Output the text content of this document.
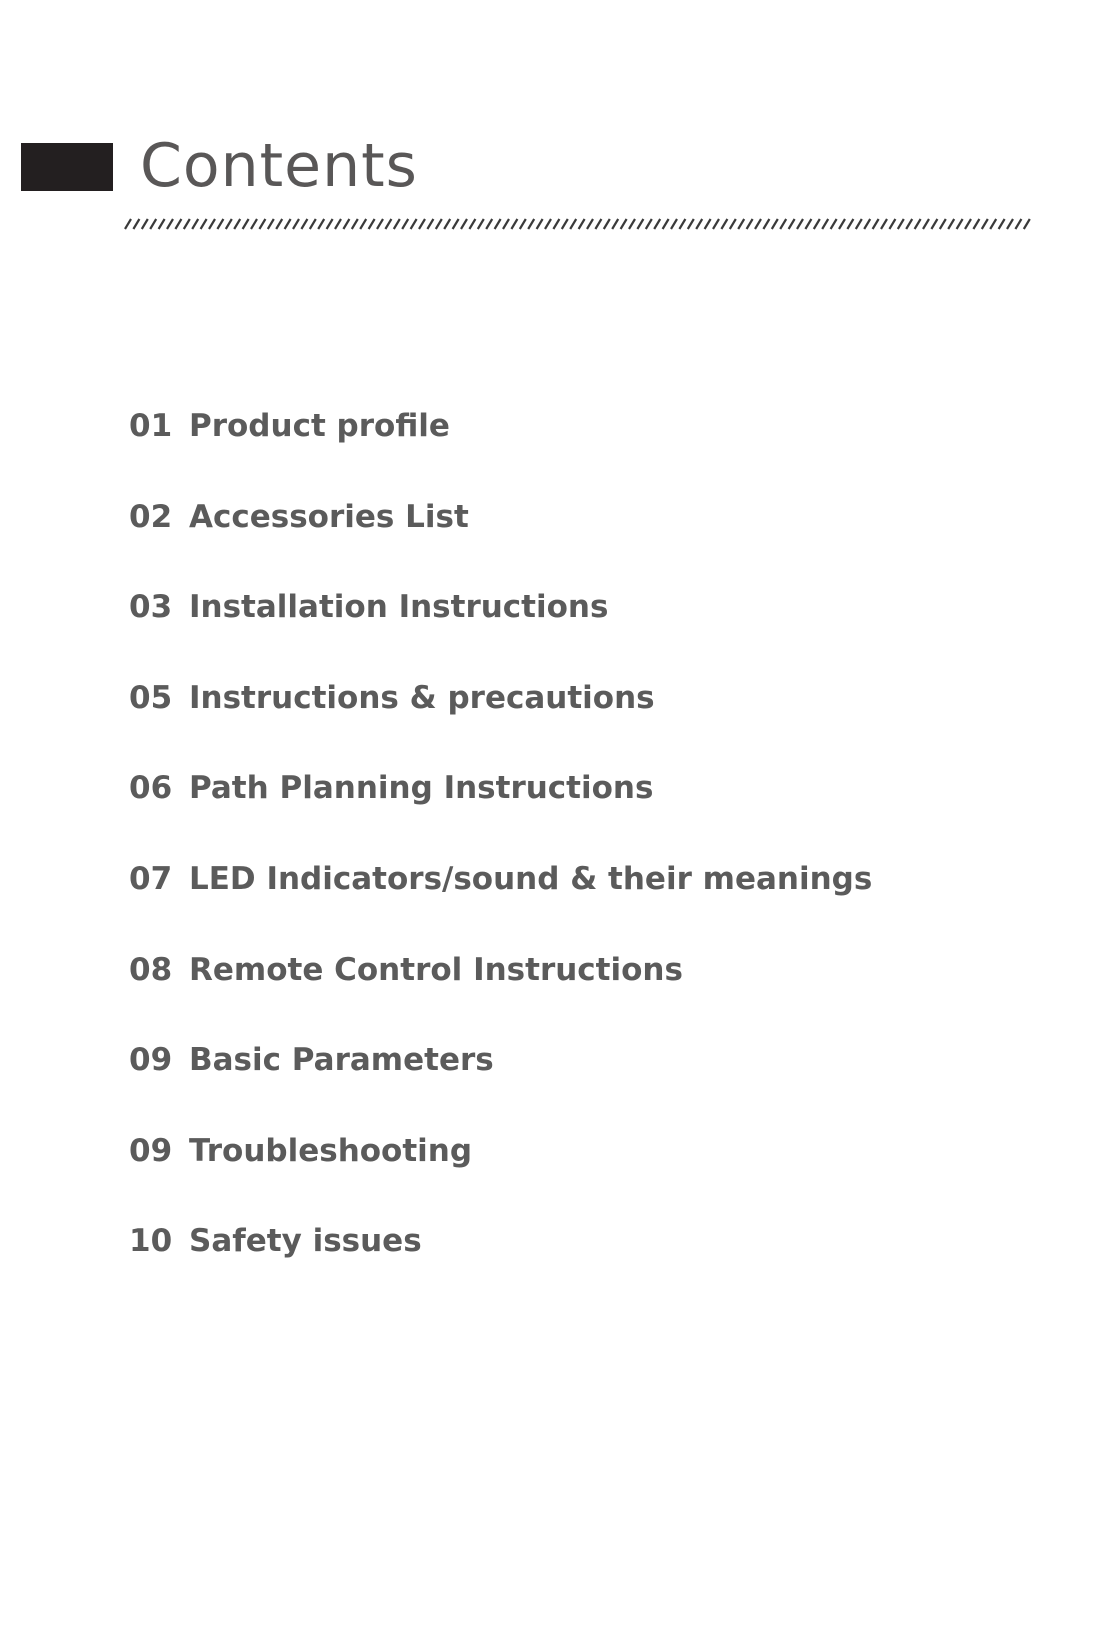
Contents
01 Product profile
02 Accessories List
03 Installation Instructions
05 Instructions & precautions
06 Path Planning Instructions
07 LED Indicators/sound & their meanings
08 Remote Control Instructions
09 Basic Parameters
09 Troubleshooting
10 Safety issues
